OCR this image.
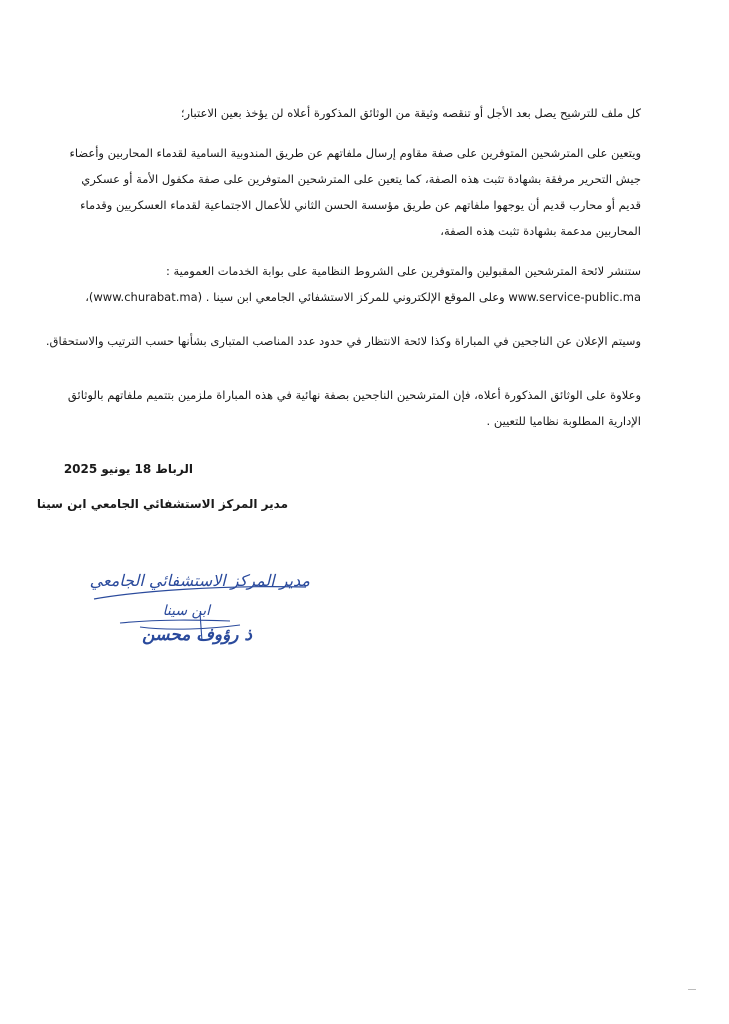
كل ملف للترشيح يصل بعد الأجل أو تنقصه وثيقة من الوثائق المذكورة أعلاه لن يؤخذ بعين الاعتبار؛
ويتعين على المترشحين المتوفرين على صفة مقاوم إرسال ملفاتهم عن طريق المندوبية السامية لقدماء المحاربين وأعضاء
جيش التحرير مرفقة بشهادة تثبت هذه الصفة، كما يتعين على المترشحين المتوفرين على صفة مكفول الأمة أو عسكري
قديم أو محارب قديم أن يوجهوا ملفاتهم عن طريق مؤسسة الحسن الثاني للأعمال الاجتماعية لقدماء العسكريين وقدماء
المحاربين مدعمة بشهادة تثبت هذه الصفة،
ستنشر لائحة المترشحين المقبولين والمتوفرين على الشروط النظامية على بوابة الخدمات العمومية :
www.service-public.ma وعلى الموقع الإلكتروني للمركز الاستشفائي الجامعي ابن سينا . (www.churabat.ma)،
وسيتم الإعلان عن الناجحين في المباراة وكذا لائحة الانتظار في حدود عدد المناصب المتبارى بشأنها حسب الترتيب والاستحقاق.
وعلاوة على الوثائق المذكورة أعلاه، فإن المترشحين الناجحين بصفة نهائية في هذه المباراة ملزمين بتتميم ملفاتهم بالوثائق
الإدارية المطلوبة نظاميا للتعيين .
الرباط 18 يونيو 2025
مدير المركز الاستشفائي الجامعي ابن سينا
مدير المركز الاستشفائي الجامعي
ابن سينا
ذ رؤوف محسن
